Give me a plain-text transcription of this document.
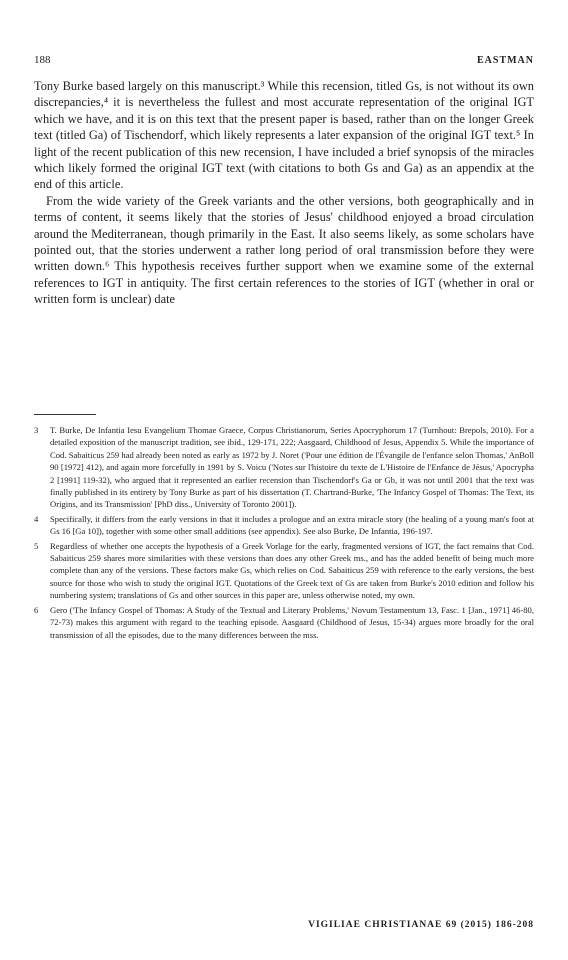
188	EASTMAN

Tony Burke based largely on this manuscript.³ While this recension, titled Gs, is not without its own discrepancies,⁴ it is nevertheless the fullest and most accurate representation of the original IGT which we have, and it is on this text that the present paper is based, rather than on the longer Greek text (titled Ga) of Tischendorf, which likely represents a later expansion of the original IGT text.⁵ In light of the recent publication of this new recension, I have included a brief synopsis of the miracles which likely formed the original IGT text (with citations to both Gs and Ga) as an appendix at the end of this article.

From the wide variety of the Greek variants and the other versions, both geographically and in terms of content, it seems likely that the stories of Jesus' childhood enjoyed a broad circulation around the Mediterranean, though primarily in the East. It also seems likely, as some scholars have pointed out, that the stories underwent a rather long period of oral transmission before they were written down.⁶ This hypothesis receives further support when we examine some of the external references to IGT in antiquity. The first certain references to the stories of IGT (whether in oral or written form is unclear) date

3	T. Burke, De Infantia Iesu Evangelium Thomae Graece, Corpus Christianorum, Series Apocryphorum 17 (Turnhout: Brepols, 2010). For a detailed exposition of the manuscript tradition, see ibid., 129-171, 222; Aasgaard, Childhood of Jesus, Appendix 5. While the importance of Cod. Sabaiticus 259 had already been noted as early as 1972 by J. Noret ('Pour une édition de l'Évangile de l'enfance selon Thomas,' AnBoll 90 [1972] 412), and again more forcefully in 1991 by S. Voicu ('Notes sur l'histoire du texte de L'Histoire de l'Enfance de Jésus,' Apocrypha 2 [1991] 119-32), who argued that it represented an earlier recension than Tischendorf's Ga or Gb, it was not until 2001 that the text was finally published in its entirety by Tony Burke as part of his dissertation (T. Chartrand-Burke, 'The Infancy Gospel of Thomas: The Text, its Origins, and its Transmission' [PhD diss., University of Toronto 2001]).
4	Specifically, it differs from the early versions in that it includes a prologue and an extra miracle story (the healing of a young man's foot at Gs 16 [Ga 10]), together with some other small additions (see appendix). See also Burke, De Infantia, 196-197.
5	Regardless of whether one accepts the hypothesis of a Greek Vorlage for the early, fragmented versions of IGT, the fact remains that Cod. Sabaiticus 259 shares more similarities with these versions than does any other Greek ms., and has the added benefit of being much more complete than any of the versions. These factors make Gs, which relies on Cod. Sabaiticus 259 with reference to the early versions, the best source for those who wish to study the original IGT. Quotations of the Greek text of Gs are taken from Burke's 2010 edition and follow his numbering system; translations of Gs and other sources in this paper are, unless otherwise noted, my own.
6	Gero ('The Infancy Gospel of Thomas: A Study of the Textual and Literary Problems,' Novum Testamentum 13, Fasc. 1 [Jan., 1971] 46-80, 72-73) makes this argument with regard to the teaching episode. Aasgaard (Childhood of Jesus, 15-34) argues more broadly for the oral transmission of all the episodes, due to the many differences between the mss.
VIGILIAE CHRISTIANAE 69 (2015) 186-208
